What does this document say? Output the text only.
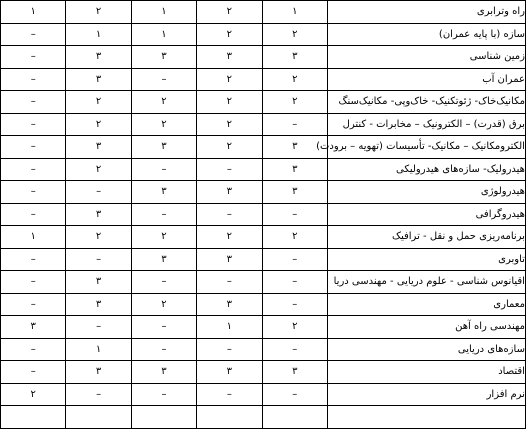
راه وترابری	۱	۲	۱	۲	۱
سازه (با پایه عمران)	۲	۲	۱	۱	–
زمین شناسی	۳	۳	۳	۳	–
عمران آب	۲	۲	–	۳	–
مکانیک‌خاک- ژئوتکنیک- خاک‌وپی- مکانیک‌سنگ	۲	۲	۲	۲	–
برق (قدرت) – الکترونیک – مخابرات - کنترل	–	۲	۲	۲	–
الکترومکانیک – مکانیک- تأسیسات (تهویه – برودت)	۳	۲	۳	۳	–
هیدرولیک- سازه‌های هیدرولیکی	۳	–	–	۲	–
هیدرولوژی	۳	۳	۳	–	–
هیدروگرافی	–	–	–	۳	–
برنامه‌ریزی حمل و نقل - ترافیک	۲	۲	۲	۲	۱
تاوبری	–	۳	۳	–	–
اقیانوس شناسی - علوم دریایی - مهندسی دریا	–	–	–	۳	–
معماری	–	۳	۲	۳	–
مهندسی راه آهن	۲	۱	–	–	۳
سازه‌های دریایی	–	–	–	۱	–
اقتصاد	۳	۳	۳	۳	–
نرم افزار	–	–	–	–	۲
